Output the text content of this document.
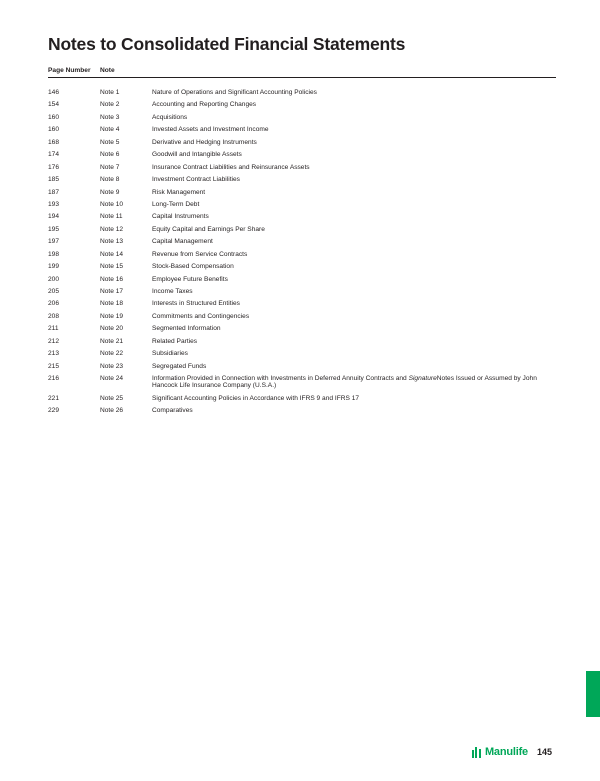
Notes to Consolidated Financial Statements
Page Number	Note	

146	Note 1	Nature of Operations and Significant Accounting Policies
154	Note 2	Accounting and Reporting Changes
160	Note 3	Acquisitions
160	Note 4	Invested Assets and Investment Income
168	Note 5	Derivative and Hedging Instruments
174	Note 6	Goodwill and Intangible Assets
176	Note 7	Insurance Contract Liabilities and Reinsurance Assets
185	Note 8	Investment Contract Liabilities
187	Note 9	Risk Management
193	Note 10	Long-Term Debt
194	Note 11	Capital Instruments
195	Note 12	Equity Capital and Earnings Per Share
197	Note 13	Capital Management
198	Note 14	Revenue from Service Contracts
199	Note 15	Stock-Based Compensation
200	Note 16	Employee Future Benefits
205	Note 17	Income Taxes
206	Note 18	Interests in Structured Entities
208	Note 19	Commitments and Contingencies
211	Note 20	Segmented Information
212	Note 21	Related Parties
213	Note 22	Subsidiaries
215	Note 23	Segregated Funds
216	Note 24	Information Provided in Connection with Investments in Deferred Annuity Contracts and SignatureNotes Issued or Assumed by John Hancock Life Insurance Company (U.S.A.)
221	Note 25	Significant Accounting Policies in Accordance with IFRS 9 and IFRS 17
229	Note 26	Comparatives
Manulife 145
